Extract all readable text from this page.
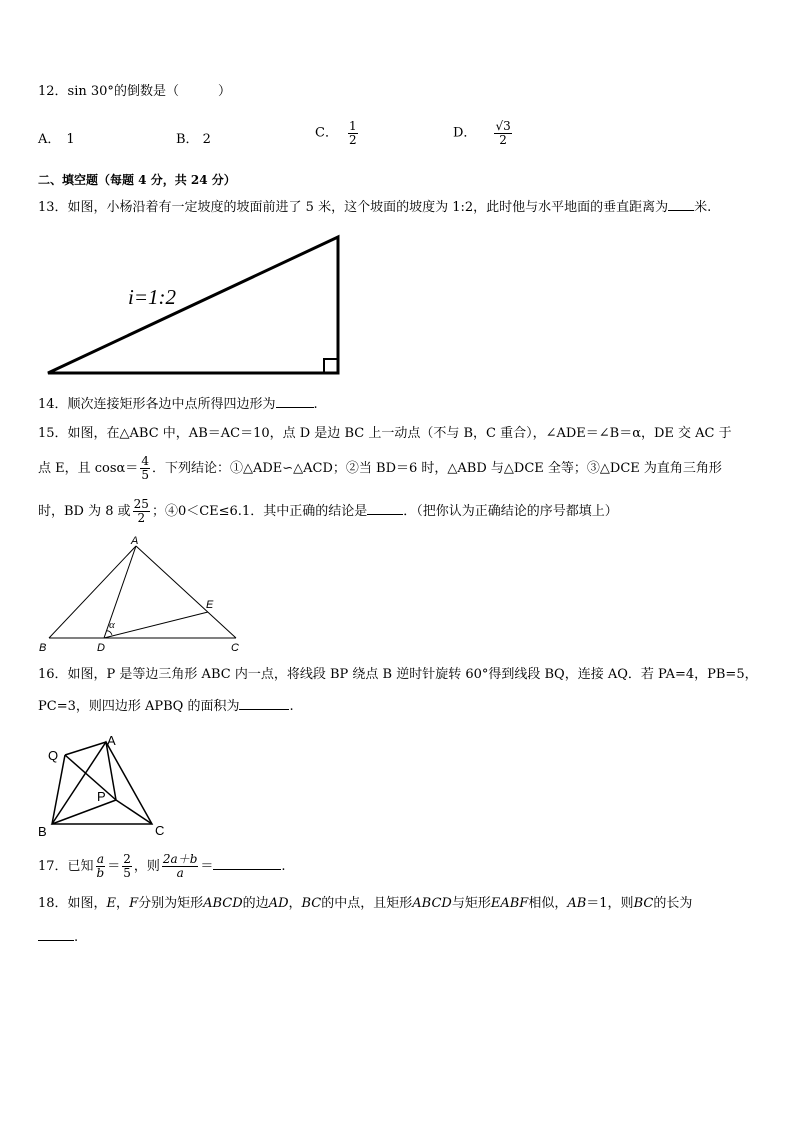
12．sin 30°的倒数是（　　　）
A． 1	B． 2	C． $\frac{1}{2}$	D． $\frac{√3}{2}$
二、填空题（每题 4 分，共 24 分）
13．如图，小杨沿着有一定坡度的坡面前进了 5 米，这个坡面的坡度为 1:2，此时他与水平地面的垂直距离为 米.
i=1:2
14．顺次连接矩形各边中点所得四边形为	.
15．如图，在△ABC 中，AB＝AC＝10，点 D 是边 BC 上一动点（不与 B，C 重合），∠ADE＝∠B＝α，DE 交 AC 于
点 E，且 $\cos\alpha= \frac{4}{5}$ ．下列结论：①△ADE∽△ACD；②当 BD＝6 时，△ABD 与△DCE 全等；③△DCE 为直角三角形
时，BD 为 8 或 $\frac{25}{2}$ ；④0＜CE≤6.1．其中正确的结论是	．（把你认为正确结论的序号都填上）
A
B	C
D
E
α
16．如图，P 是等边三角形 ABC 内一点，将线段 BP 绕点 B 逆时针旋转 60°得到线段 BQ，连接 AQ．若 PA=4，PB=5，
PC=3，则四边形 APBQ 的面积为	.
Q
A
P
B	C
17．已知 $\frac{a}{b} = \frac{2}{5}$ ，则 $\frac{2a+b}{a}$ ＝	.
18．如图，E，F分别为矩形ABCD的边AD，BC的中点，且矩形ABCD与矩形EABF相似，AB＝1，则BC的长为
.
